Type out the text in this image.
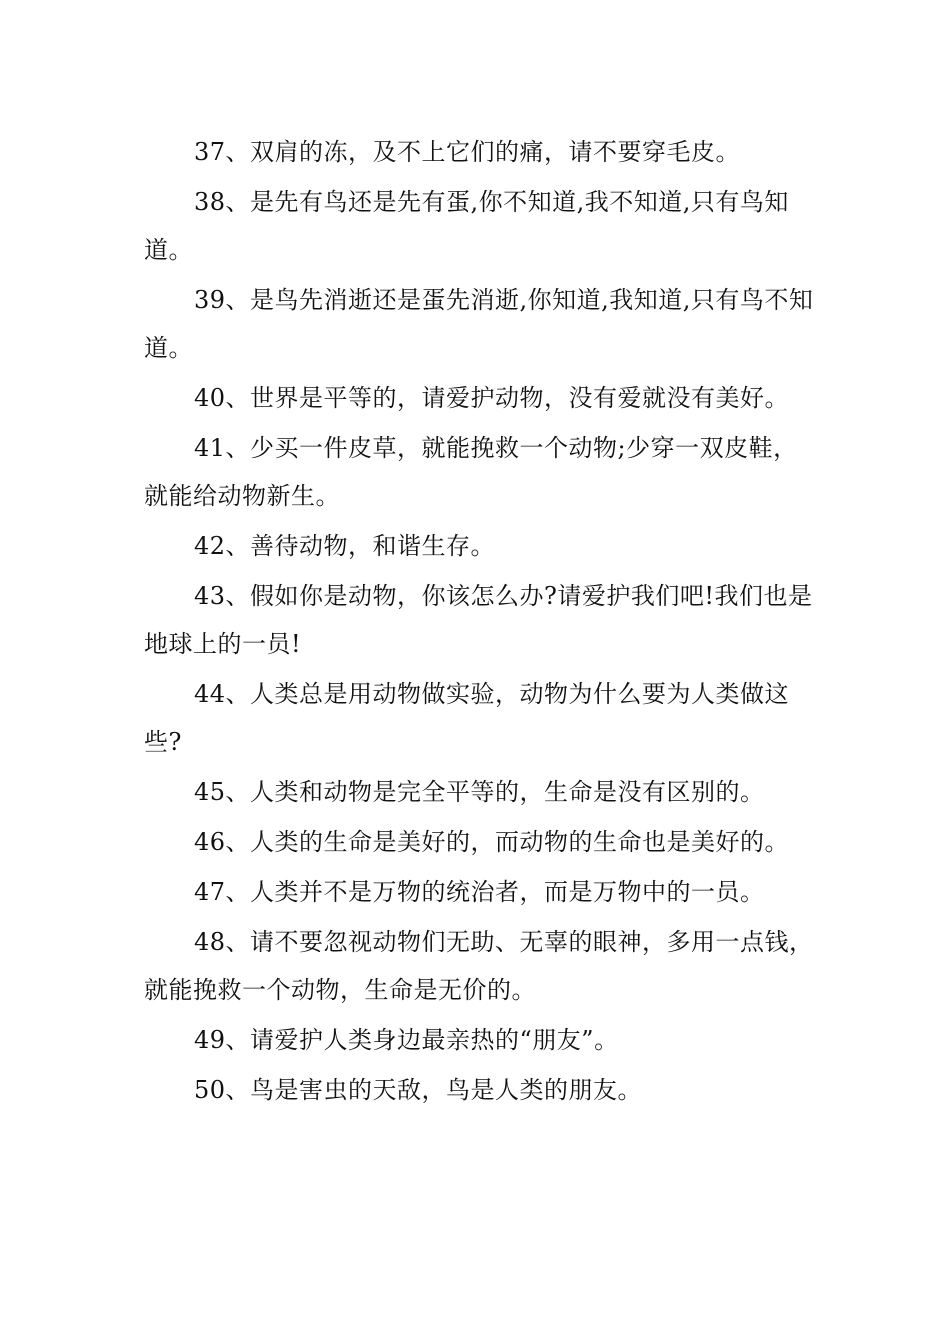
37、双肩的冻，及不上它们的痛，请不要穿毛皮。

38、是先有鸟还是先有蛋,你不知道,我不知道,只有鸟知道。

39、是鸟先消逝还是蛋先消逝,你知道,我知道,只有鸟不知道。

40、世界是平等的，请爱护动物，没有爱就没有美好。

41、少买一件皮草，就能挽救一个动物;少穿一双皮鞋，就能给动物新生。

42、善待动物，和谐生存。

43、假如你是动物，你该怎么办?请爱护我们吧!我们也是地球上的一员!

44、人类总是用动物做实验，动物为什么要为人类做这些?

45、人类和动物是完全平等的，生命是没有区别的。

46、人类的生命是美好的，而动物的生命也是美好的。

47、人类并不是万物的统治者，而是万物中的一员。

48、请不要忽视动物们无助、无辜的眼神，多用一点钱，就能挽救一个动物，生命是无价的。

49、请爱护人类身边最亲热的“朋友”。

50、鸟是害虫的天敌，鸟是人类的朋友。
